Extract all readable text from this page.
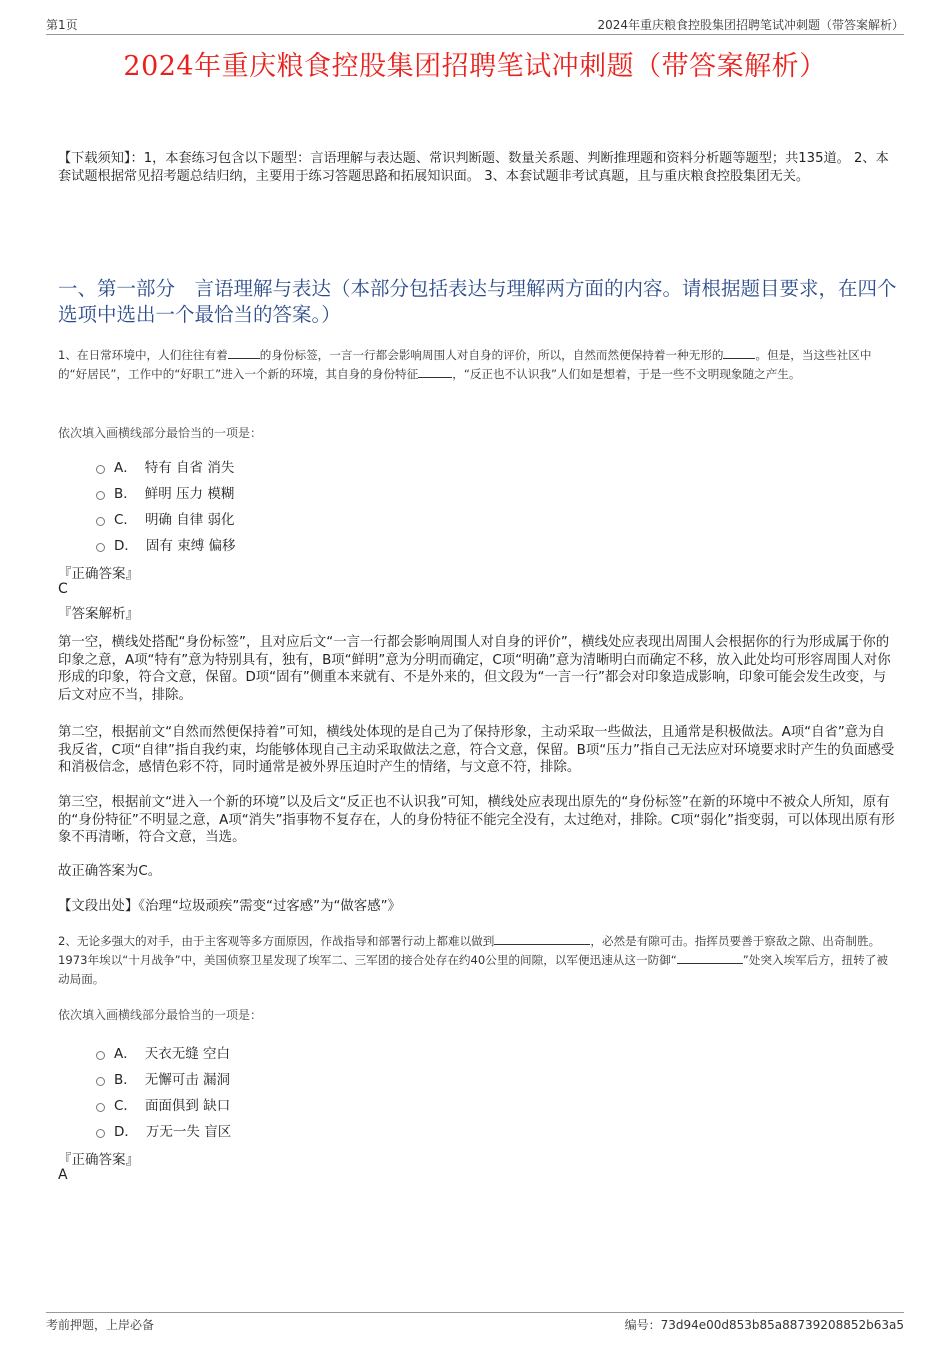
第1页	2024年重庆粮食控股集团招聘笔试冲刺题（带答案解析）
2024年重庆粮食控股集团招聘笔试冲刺题（带答案解析）
【下载须知】：1，本套练习包含以下题型：言语理解与表达题、常识判断题、数量关系题、判断推理题和资料分析题等题型；共135道。 2、本套试题根据常见招考题总结归纳，主要用于练习答题思路和拓展知识面。 3、本套试题非考试真题，且与重庆粮食控股集团无关。
一、第一部分　言语理解与表达（本部分包括表达与理解两方面的内容。请根据题目要求，在四个选项中选出一个最恰当的答案。）
1、在日常环境中，人们往往有着	的身份标签，一言一行都会影响周围人对自身的评价，所以，自然而然便保持着一种无形的	。但是，当这些社区中的“好居民”，工作中的“好职工”进入一个新的环境，其自身的身份特征	，“反正也不认识我”人们如是想着，于是一些不文明现象随之产生。
依次填入画横线部分最恰当的一项是：
A． 特有 自省 消失
B． 鲜明 压力 模糊
C． 明确 自律 弱化
D． 固有 束缚 偏移
『正确答案』
C
『答案解析』

第一空，横线处搭配“身份标签”，且对应后文“一言一行都会影响周围人对自身的评价”，横线处应表现出周围人会根据你的行为形成属于你的印象之意，A项“特有”意为特别具有，独有，B项“鲜明”意为分明而确定，C项“明确”意为清晰明白而确定不移，放入此处均可形容周围人对你形成的印象，符合文意，保留。D项“固有”侧重本来就有、不是外来的，但文段为“一言一行”都会对印象造成影响，印象可能会发生改变，与后文对应不当，排除。

第二空，根据前文“自然而然便保持着”可知，横线处体现的是自己为了保持形象，主动采取一些做法，且通常是积极做法。A项“自省”意为自我反省，C项“自律”指自我约束，均能够体现自己主动采取做法之意，符合文意，保留。B项“压力”指自己无法应对环境要求时产生的负面感受和消极信念，感情色彩不符，同时通常是被外界压迫时产生的情绪，与文意不符，排除。

第三空，根据前文“进入一个新的环境”以及后文“反正也不认识我”可知，横线处应表现出原先的“身份标签”在新的环境中不被众人所知，原有的“身份特征”不明显之意，A项“消失”指事物不复存在，人的身份特征不能完全没有，太过绝对，排除。C项“弱化”指变弱，可以体现出原有形象不再清晰，符合文意，当选。

故正确答案为C。

【文段出处】《治理“垃圾顽疾”需变“过客感”为“做客感”》
2、无论多强大的对手，由于主客观等多方面原因，作战指导和部署行动上都难以做到	，必然是有隙可击。指挥员要善于察敌之隙、出奇制胜。1973年埃以“十月战争”中，美国侦察卫星发现了埃军二、三军团的接合处存在约40公里的间隙，以军便迅速从这一防御“	”处突入埃军后方，扭转了被动局面。
依次填入画横线部分最恰当的一项是：
A． 天衣无缝 空白
B． 无懈可击 漏洞
C． 面面俱到 缺口
D． 万无一失 盲区
『正确答案』
A
考前押题，上岸必备	编号：73d94e00d853b85a88739208852b63a5
